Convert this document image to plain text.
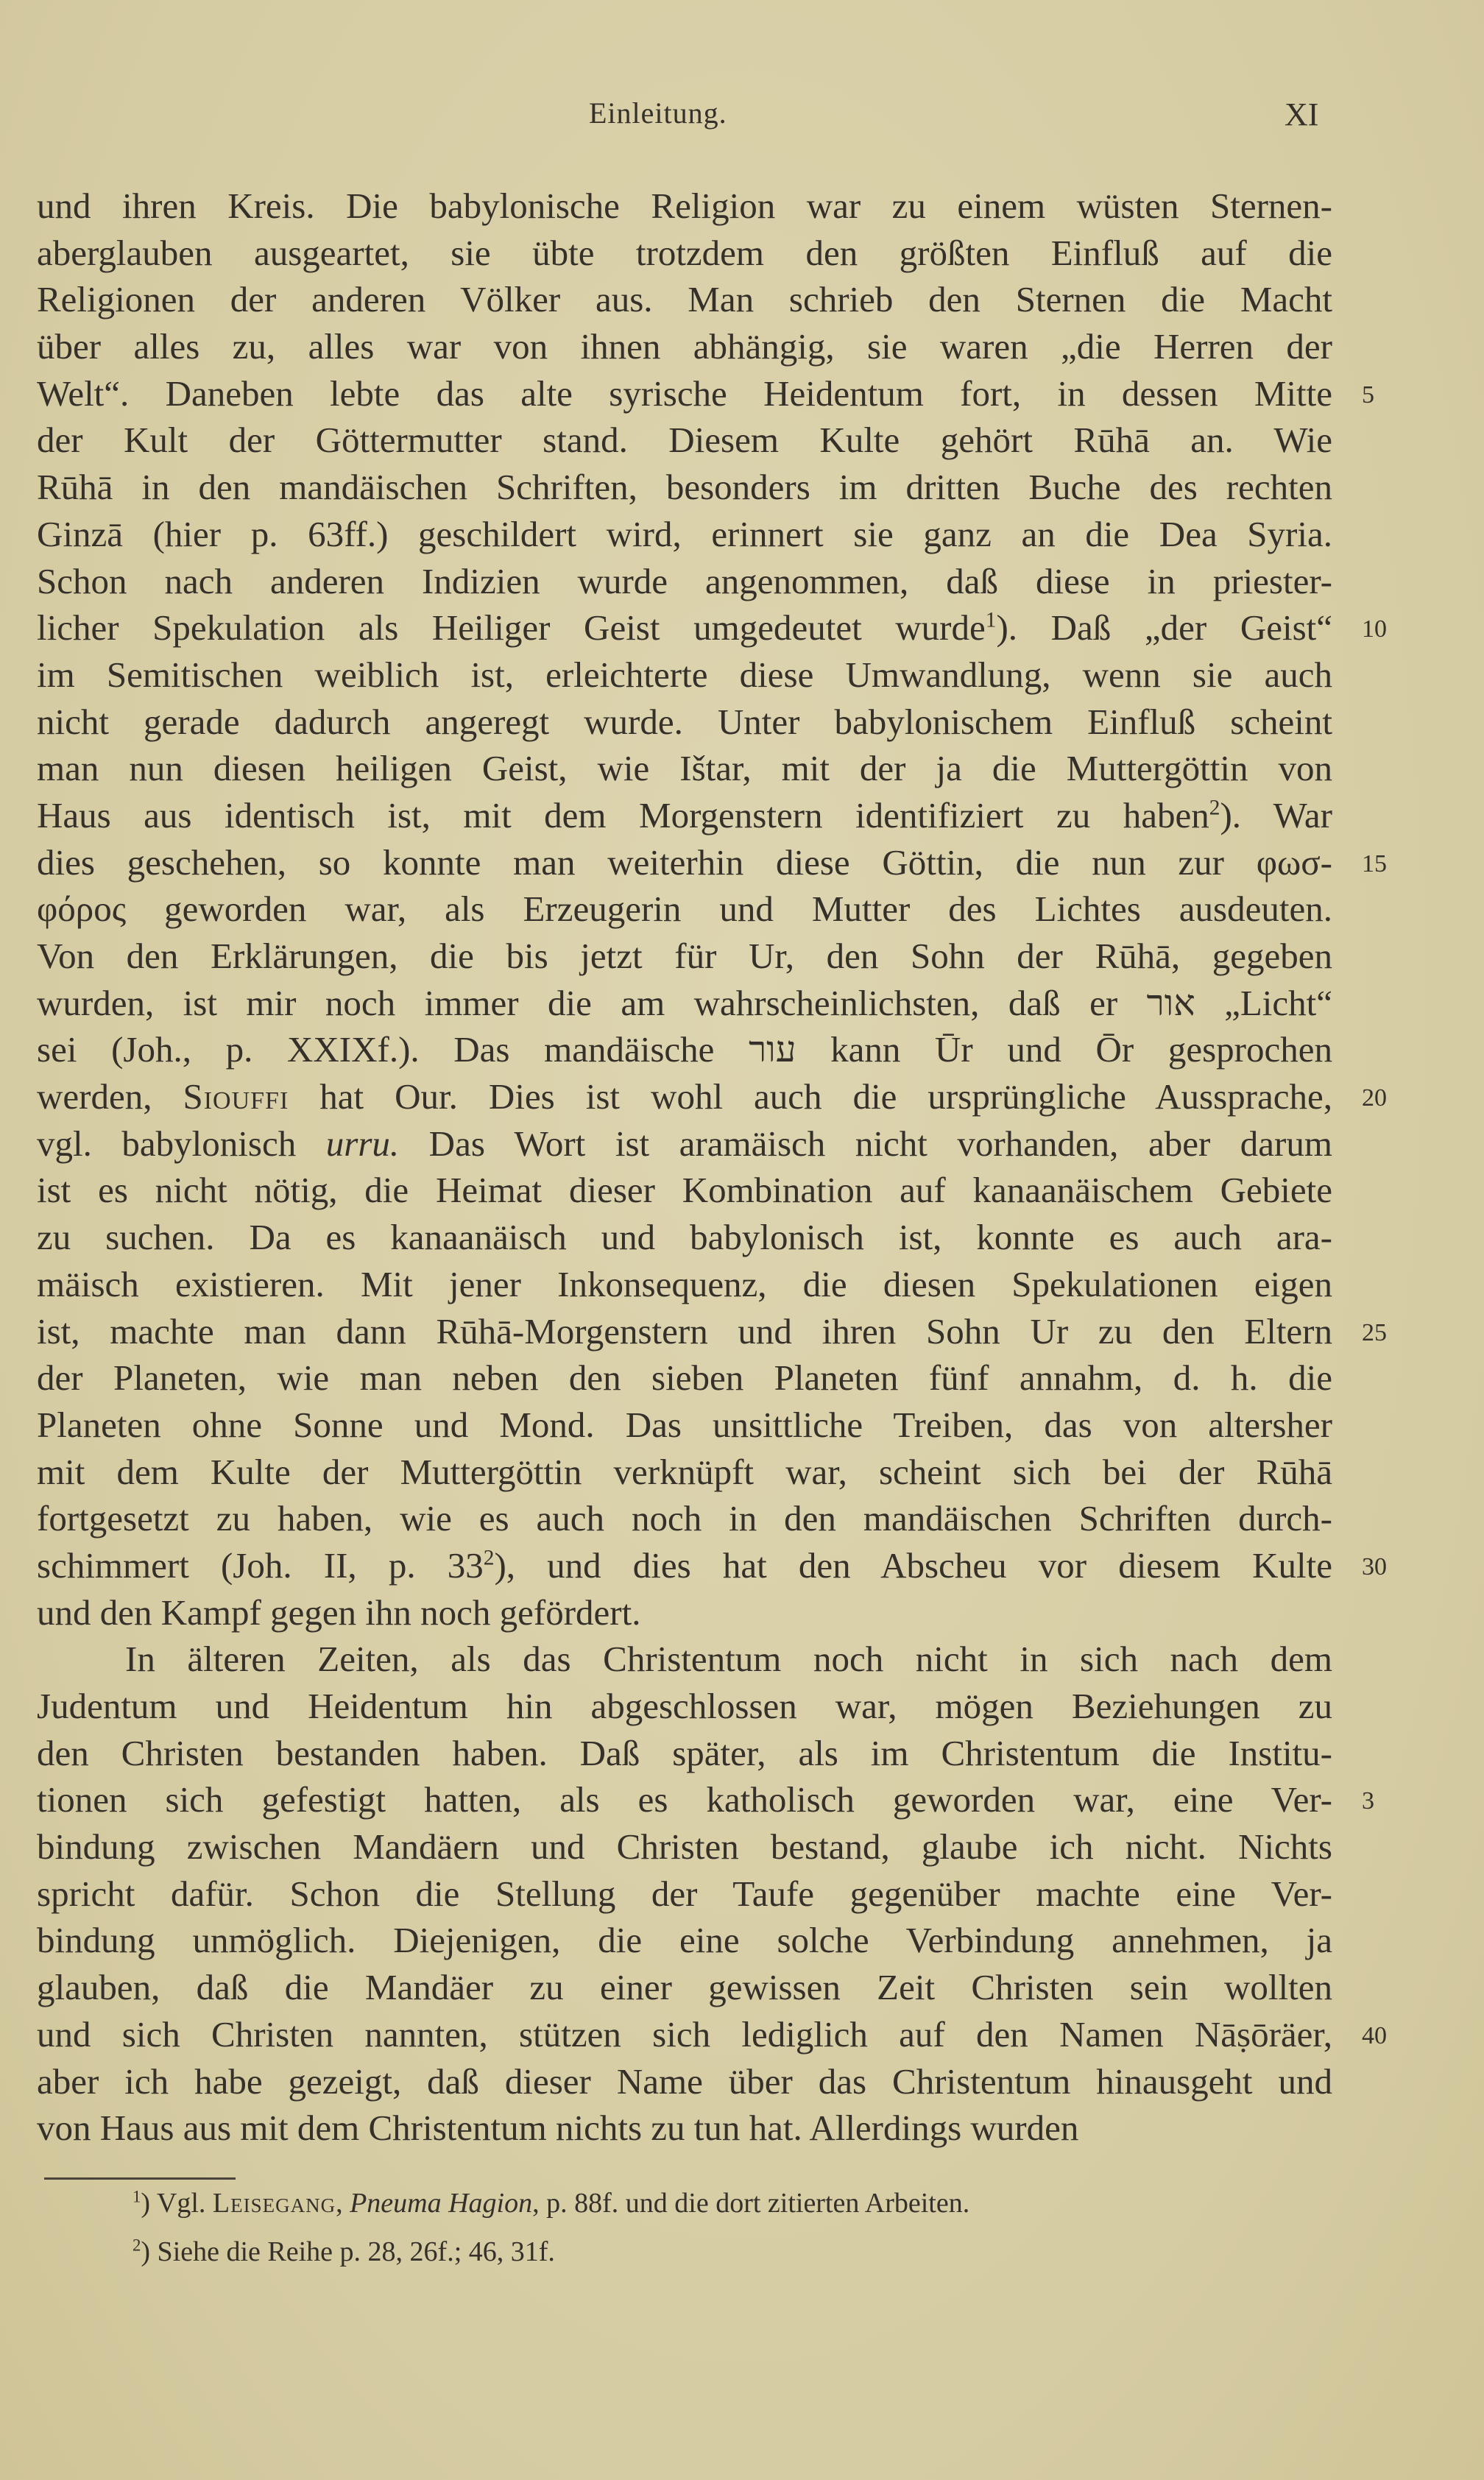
Einleitung.	XI
und ihren Kreis. Die babylonische Religion war zu einem wüsten Sternen-
aberglauben ausgeartet, sie übte trotzdem den größten Einfluß auf die
Religionen der anderen Völker aus. Man schrieb den Sternen die Macht
über alles zu, alles war von ihnen abhängig, sie waren „die Herren der
Welt“. Daneben lebte das alte syrische Heidentum fort, in dessen Mitte 5
der Kult der Göttermutter stand. Diesem Kulte gehört Rūhā an. Wie
Rūhā in den mandäischen Schriften, besonders im dritten Buche des rechten
Ginzā (hier p. 63ff.) geschildert wird, erinnert sie ganz an die Dea Syria.
Schon nach anderen Indizien wurde angenommen, daß diese in priester-
licher Spekulation als Heiliger Geist umgedeutet wurde$^1$). Daß „der Geist“ 10
im Semitischen weiblich ist, erleichterte diese Umwandlung, wenn sie auch
nicht gerade dadurch angeregt wurde. Unter babylonischem Einfluß scheint
man nun diesen heiligen Geist, wie Ištar, mit der ja die Muttergöttin von
Haus aus identisch ist, mit dem Morgenstern identifiziert zu haben$^2$). War
dies geschehen, so konnte man weiterhin diese Göttin, die nun zur φωσ- 15
φόρος geworden war, als Erzeugerin und Mutter des Lichtes ausdeuten.
Von den Erklärungen, die bis jetzt für Ur, den Sohn der Rūhā, gegeben
wurden, ist mir noch immer die am wahrscheinlichsten, daß er אור „Licht“
sei (Joh., p. XXIXf.). Das mandäische עור kann Ūr und Ōr gesprochen
werden, Siouffi hat Our. Dies ist wohl auch die ursprüngliche Aussprache, 20
vgl. babylonisch urru. Das Wort ist aramäisch nicht vorhanden, aber darum
ist es nicht nötig, die Heimat dieser Kombination auf kanaanäischem Gebiete
zu suchen. Da es kanaanäisch und babylonisch ist, konnte es auch ara-
mäisch existieren. Mit jener Inkonsequenz, die diesen Spekulationen eigen
ist, machte man dann Rūhā-Morgenstern und ihren Sohn Ur zu den Eltern 25
der Planeten, wie man neben den sieben Planeten fünf annahm, d. h. die
Planeten ohne Sonne und Mond. Das unsittliche Treiben, das von altersher
mit dem Kulte der Muttergöttin verknüpft war, scheint sich bei der Rūhā
fortgesetzt zu haben, wie es auch noch in den mandäischen Schriften durch-
schimmert (Joh. II, p. $33^2$), und dies hat den Abscheu vor diesem Kulte 30
und den Kampf gegen ihn noch gefördert.
In älteren Zeiten, als das Christentum noch nicht in sich nach dem
Judentum und Heidentum hin abgeschlossen war, mögen Beziehungen zu
den Christen bestanden haben. Daß später, als im Christentum die Institu-
tionen sich gefestigt hatten, als es katholisch geworden war, eine Ver- 3
bindung zwischen Mandäern und Christen bestand, glaube ich nicht. Nichts
spricht dafür. Schon die Stellung der Taufe gegenüber machte eine Ver-
bindung unmöglich. Diejenigen, die eine solche Verbindung annehmen, ja
glauben, daß die Mandäer zu einer gewissen Zeit Christen sein wollten
und sich Christen nannten, stützen sich lediglich auf den Namen Nāṣōräer, 40
aber ich habe gezeigt, daß dieser Name über das Christentum hinausgeht und
von Haus aus mit dem Christentum nichts zu tun hat. Allerdings wurden
$^1$) Vgl. Leisegang, Pneuma Hagion, p. 88f. und die dort zitierten Arbeiten.
$^2$) Siehe die Reihe p. 28, 26f.; 46, 31f.
